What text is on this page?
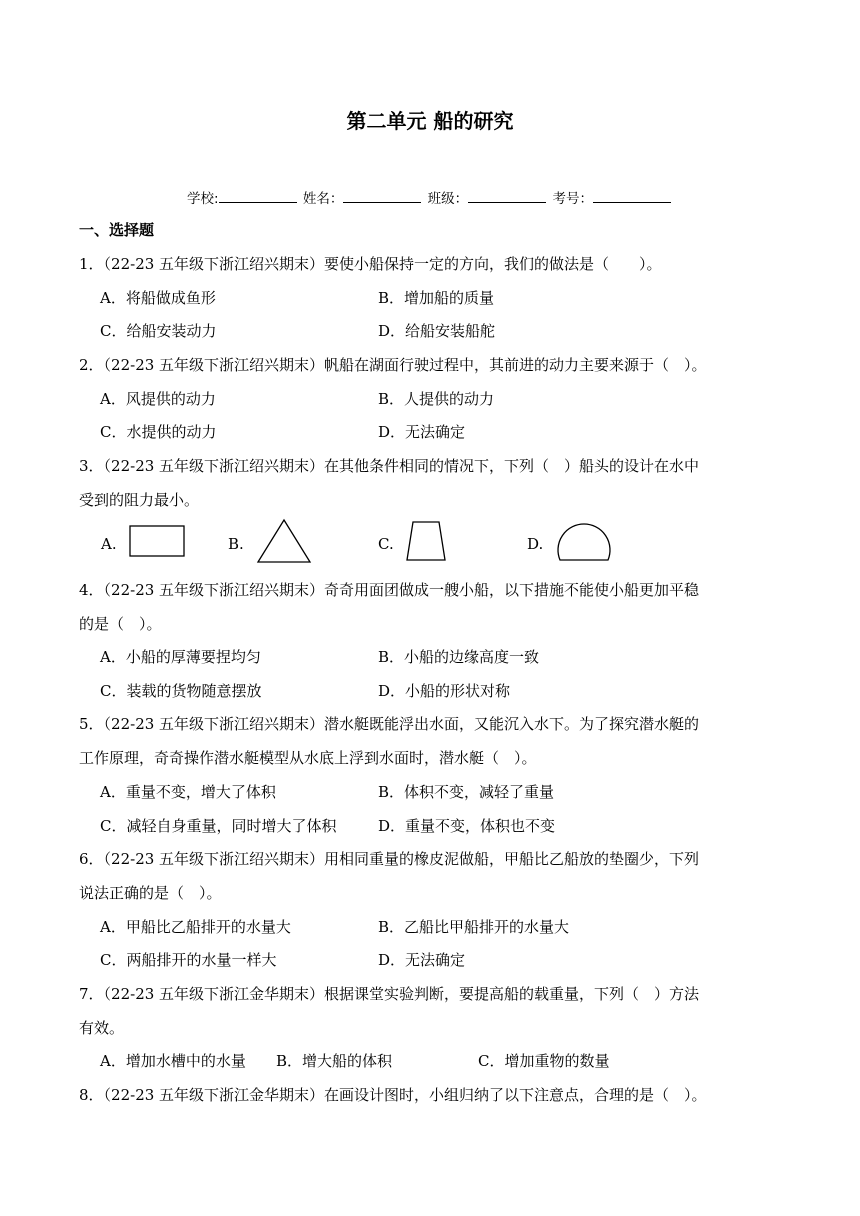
第二单元 船的研究
学校:	姓名：	班级：	考号：
一、选择题
1．（22-23 五年级下浙江绍兴期末）要使小船保持一定的方向，我们的做法是（　　）。
A．将船做成鱼形	B．增加船的质量
C．给船安装动力	D．给船安装船舵
2．（22-23 五年级下浙江绍兴期末）帆船在湖面行驶过程中，其前进的动力主要来源于（　）。
A．风提供的动力	B．人提供的动力
C．水提供的动力	D．无法确定
3．（22-23 五年级下浙江绍兴期末）在其他条件相同的情况下，下列（　）船头的设计在水中
受到的阻力最小。
A.	B.	C.	D.
4．（22-23 五年级下浙江绍兴期末）奇奇用面团做成一艘小船，以下措施不能使小船更加平稳
的是（　）。
A．小船的厚薄要捏均匀	B．小船的边缘高度一致
C．装载的货物随意摆放	D．小船的形状对称
5．（22-23 五年级下浙江绍兴期末）潜水艇既能浮出水面，又能沉入水下。为了探究潜水艇的
工作原理，奇奇操作潜水艇模型从水底上浮到水面时，潜水艇（　）。
A．重量不变，增大了体积	B．体积不变，减轻了重量
C．减轻自身重量，同时增大了体积	D．重量不变，体积也不变
6．（22-23 五年级下浙江绍兴期末）用相同重量的橡皮泥做船，甲船比乙船放的垫圈少，下列
说法正确的是（　）。
A．甲船比乙船排开的水量大	B．乙船比甲船排开的水量大
C．两船排开的水量一样大	D．无法确定
7．（22-23 五年级下浙江金华期末）根据课堂实验判断，要提高船的载重量，下列（　）方法
有效。
A．增加水槽中的水量 B．增大船的体积	C．增加重物的数量
8．（22-23 五年级下浙江金华期末）在画设计图时，小组归纳了以下注意点，合理的是（　）。
